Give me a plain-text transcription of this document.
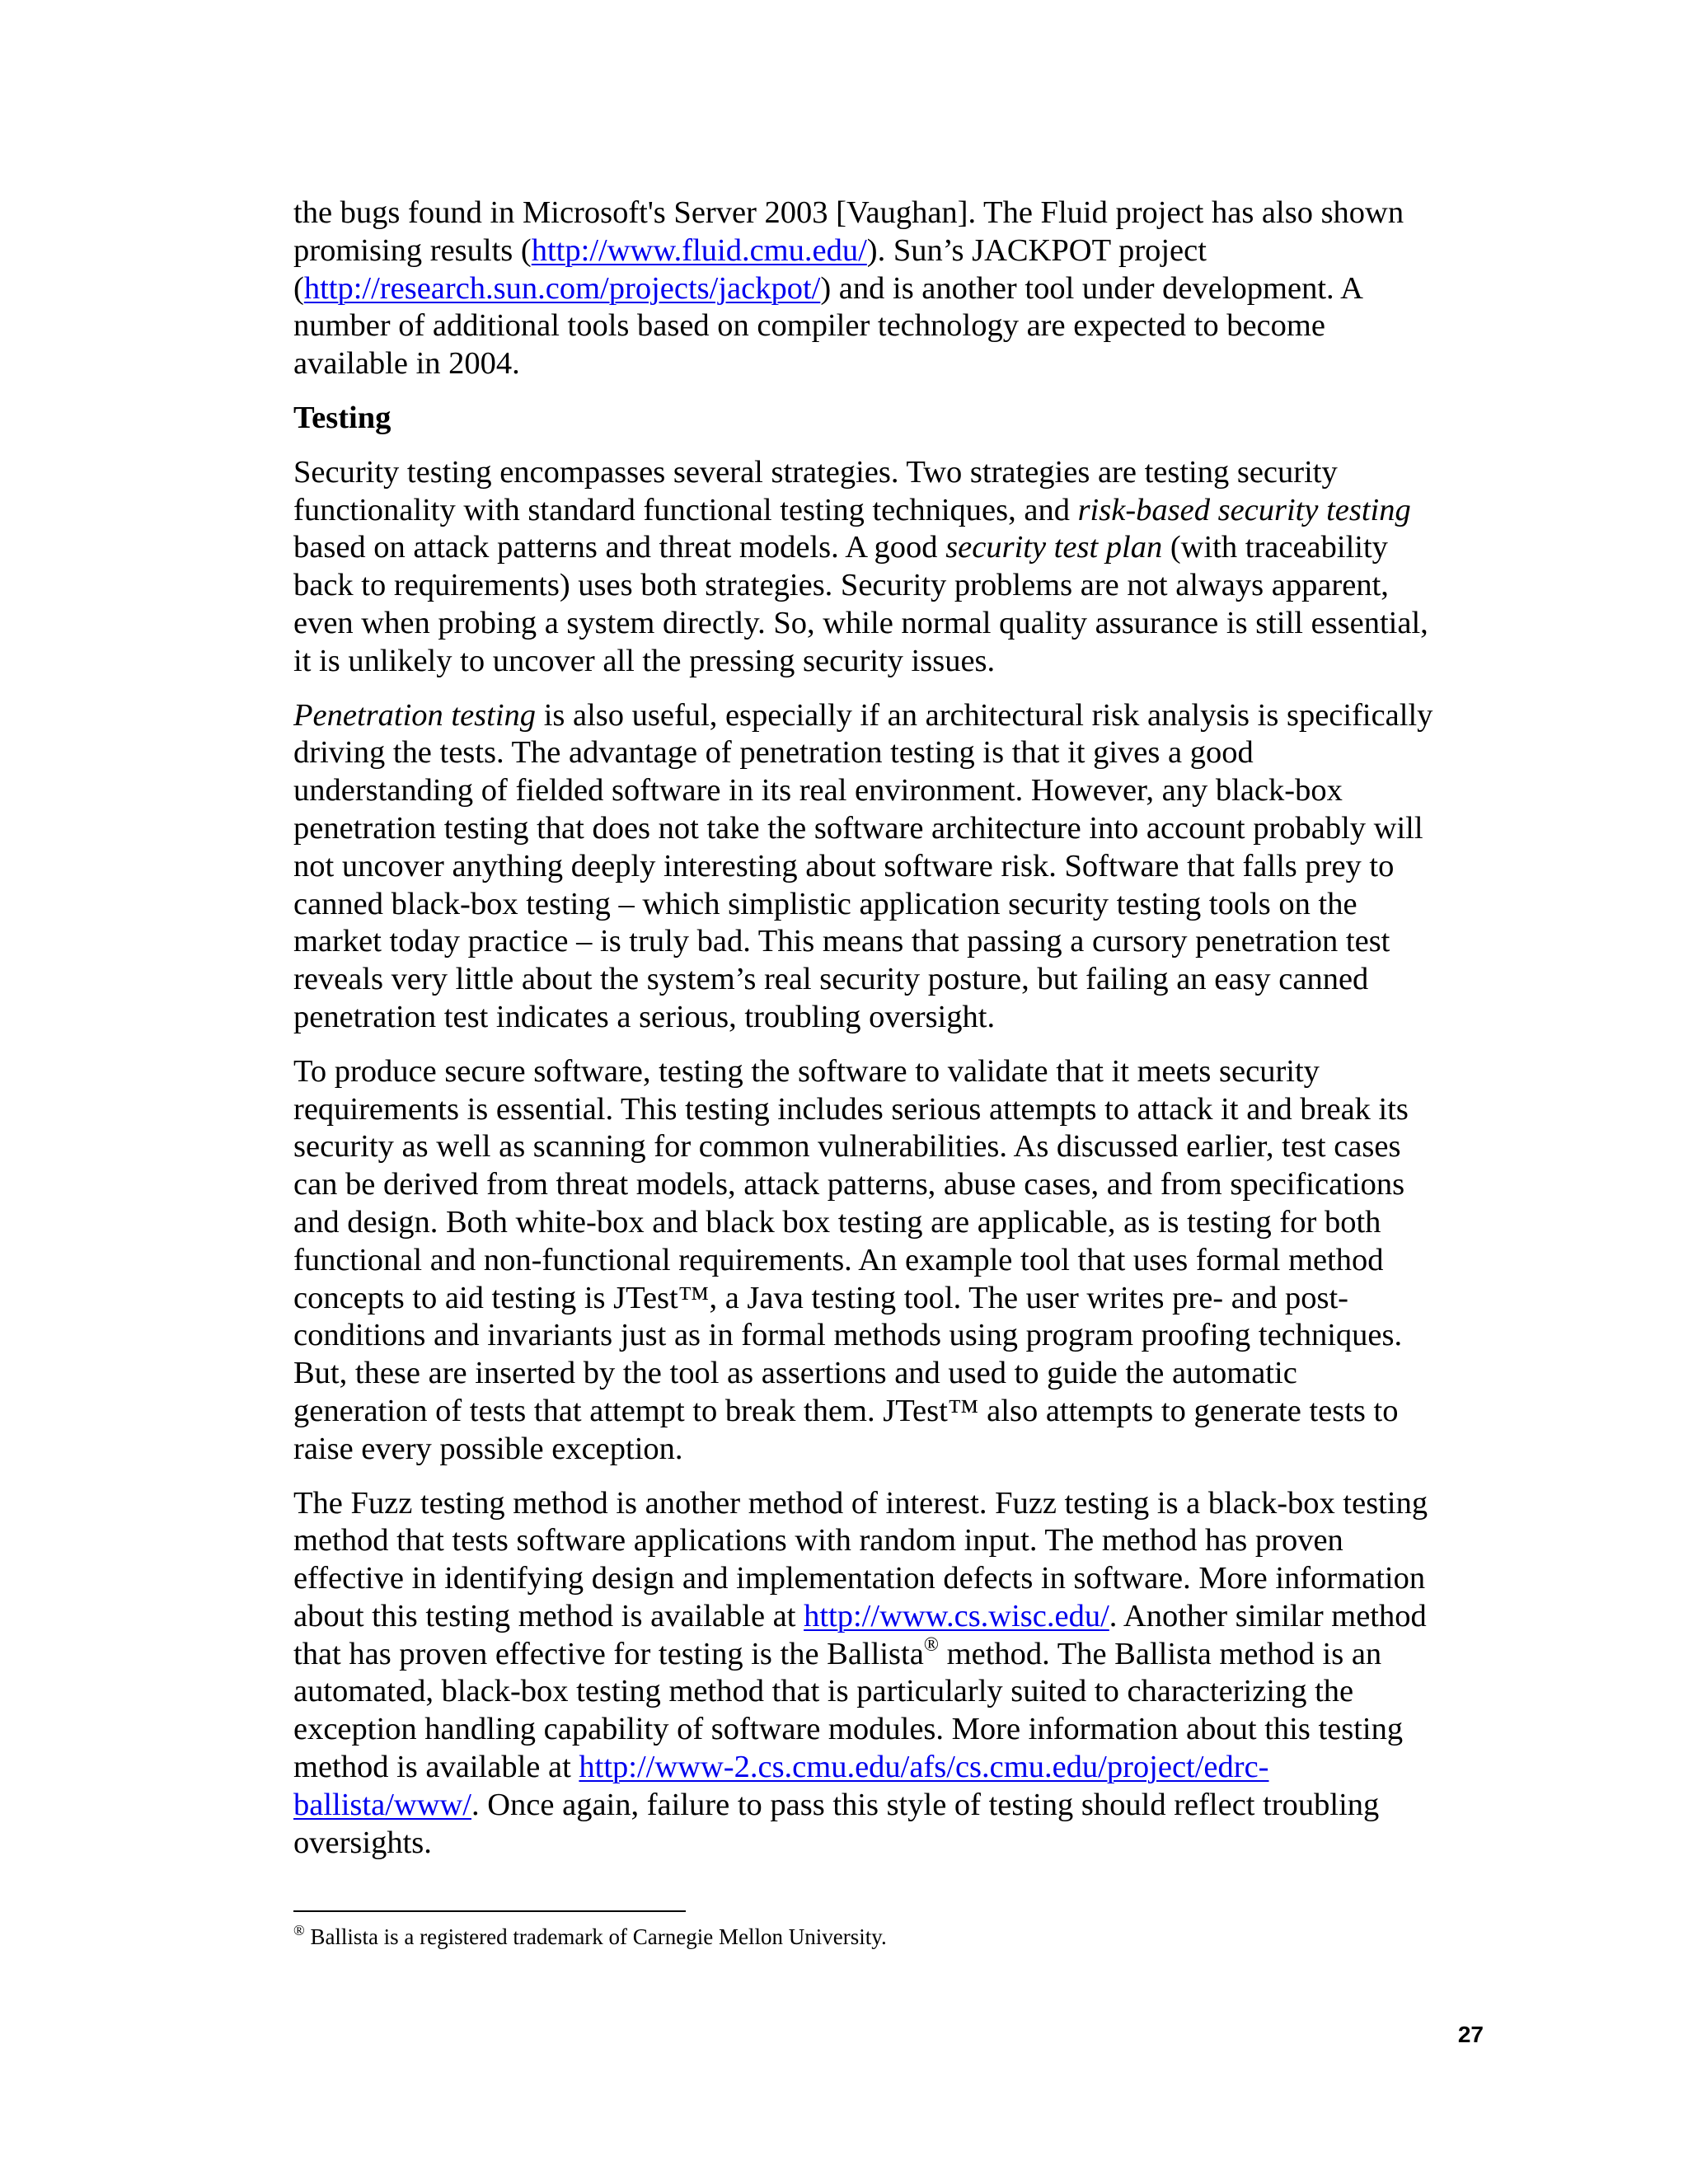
the bugs found in Microsoft's Server 2003 [Vaughan]. The Fluid project has also shown
promising results (http://www.fluid.cmu.edu/). Sun’s JACKPOT project
(http://research.sun.com/projects/jackpot/) and is another tool under development. A
number of additional tools based on compiler technology are expected to become
available in 2004.

Testing

Security testing encompasses several strategies. Two strategies are testing security
functionality with standard functional testing techniques, and risk-based security testing
based on attack patterns and threat models. A good security test plan (with traceability
back to requirements) uses both strategies. Security problems are not always apparent,
even when probing a system directly. So, while normal quality assurance is still essential,
it is unlikely to uncover all the pressing security issues.

Penetration testing is also useful, especially if an architectural risk analysis is specifically
driving the tests. The advantage of penetration testing is that it gives a good
understanding of fielded software in its real environment. However, any black-box
penetration testing that does not take the software architecture into account probably will
not uncover anything deeply interesting about software risk. Software that falls prey to
canned black-box testing – which simplistic application security testing tools on the
market today practice – is truly bad. This means that passing a cursory penetration test
reveals very little about the system’s real security posture, but failing an easy canned
penetration test indicates a serious, troubling oversight.

To produce secure software, testing the software to validate that it meets security
requirements is essential. This testing includes serious attempts to attack it and break its
security as well as scanning for common vulnerabilities. As discussed earlier, test cases
can be derived from threat models, attack patterns, abuse cases, and from specifications
and design. Both white-box and black box testing are applicable, as is testing for both
functional and non-functional requirements. An example tool that uses formal method
concepts to aid testing is JTest™, a Java testing tool. The user writes pre- and post-
conditions and invariants just as in formal methods using program proofing techniques.
But, these are inserted by the tool as assertions and used to guide the automatic
generation of tests that attempt to break them. JTest™ also attempts to generate tests to
raise every possible exception.

The Fuzz testing method is another method of interest. Fuzz testing is a black-box testing
method that tests software applications with random input. The method has proven
effective in identifying design and implementation defects in software. More information
about this testing method is available at http://www.cs.wisc.edu/. Another similar method
that has proven effective for testing is the Ballista® method. The Ballista method is an
automated, black-box testing method that is particularly suited to characterizing the
exception handling capability of software modules. More information about this testing
method is available at http://www-2.cs.cmu.edu/afs/cs.cmu.edu/project/edrc-
ballista/www/. Once again, failure to pass this style of testing should reflect troubling
oversights.

® Ballista is a registered trademark of Carnegie Mellon University.
27
